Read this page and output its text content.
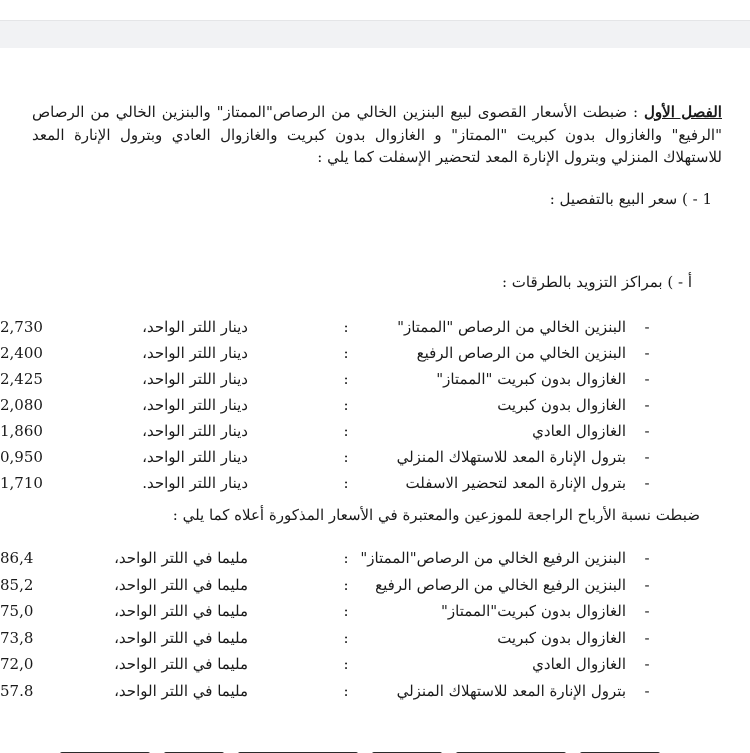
الفصل الأول : ضبطت الأسعار القصوى لبيع البنزين الخالي من الرصاص"الممتاز" والبنزين الخالي من الرصاص "الرفيع" والغازوال بدون كبريت "الممتاز" و الغازوال بدون كبريت والغازوال العادي وبترول الإنارة المعد للاستهلاك المنزلي وبترول الإنارة المعد لتحضير الإسفلت كما يلي :

1 - ) سعر البيع بالتفصيل :
أ - ) بمراكز التزويد بالطرقات :
-
البنزين الخالي من الرصاص "الممتاز"
:
2,730	دينار اللتر الواحد،
-
البنزين الخالي من الرصاص الرفيع
:
2,400	دينار اللتر الواحد،
-
الغازوال بدون كبريت "الممتاز"
:
2,425	دينار اللتر الواحد،
-
الغازوال بدون كبريت
:
2,080	دينار اللتر الواحد،
-
الغازوال العادي
:
1,860	دينار اللتر الواحد،
-
بترول الإنارة المعد للاستهلاك المنزلي
:
0,950	دينار اللتر الواحد،
-
بترول الإنارة المعد لتحضير الاسفلت
:
1,710	دينار اللتر الواحد.
ضبطت نسبة الأرباح الراجعة للموزعين والمعتبرة في الأسعار المذكورة أعلاه كما يلي :
-
البنزين الرفيع الخالي من الرصاص"الممتاز"
:
86,4	مليما في اللتر الواحد،
-
البنزين الرفيع الخالي من الرصاص الرفيع
:
85,2	مليما في اللتر الواحد،
-
الغازوال بدون كبريت"الممتاز"
:
75,0	مليما في اللتر الواحد،
-
الغازوال بدون كبريت
:
73,8	مليما في اللتر الواحد،
-
الغازوال العادي
:
72,0	مليما في اللتر الواحد،
-
بترول الإنارة المعد للاستهلاك المنزلي
:
57.8	مليما في اللتر الواحد،
